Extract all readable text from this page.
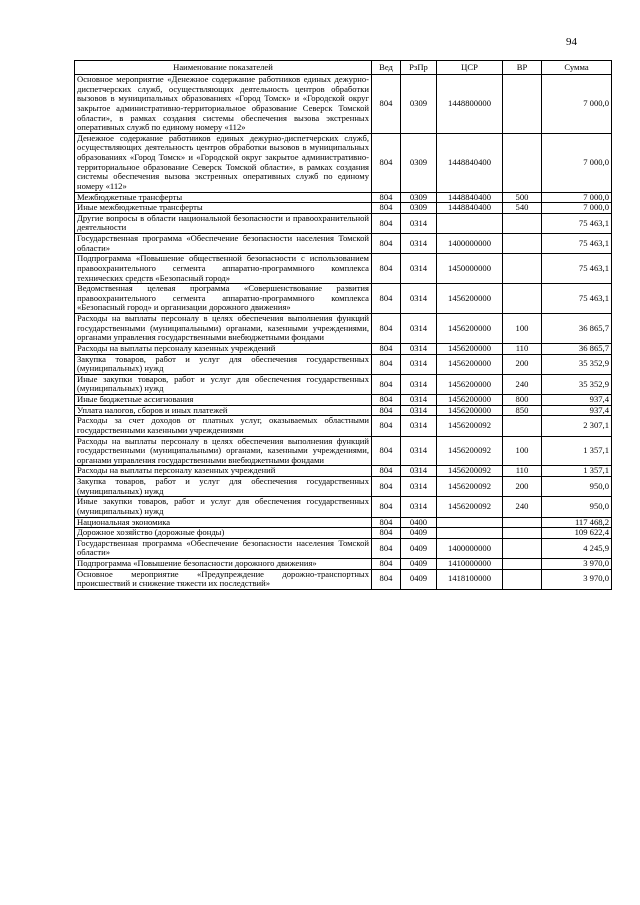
94
Наименование показателей	Вед	РзПр	ЦСР	ВР	Сумма
Основное мероприятие «Денежное содержание работников единых дежурно-диспетчерских служб, осуществляющих деятельность центров обработки вызовов в муниципальных образованиях «Город Томск» и «Городской округ закрытое административно-территориальное образование Северск Томской области», в рамках создания системы обеспечения вызова экстренных оперативных служб по единому номеру «112»	804	0309	1448800000		7 000,0
Денежное содержание работников единых дежурно-диспетчерских служб, осуществляющих деятельность центров обработки вызовов в муниципальных образованиях «Город Томск» и «Городской округ закрытое административно-территориальное образование Северск Томской области», в рамках создания системы обеспечения вызова экстренных оперативных служб по единому номеру «112»	804	0309	1448840400		7 000,0
Межбюджетные трансферты	804	0309	1448840400	500	7 000,0
Иные межбюджетные трансферты	804	0309	1448840400	540	7 000,0
Другие вопросы в области национальной безопасности и правоохранительной деятельности	804	0314			75 463,1
Государственная программа «Обеспечение безопасности населения Томской области»	804	0314	1400000000		75 463,1
Подпрограмма «Повышение общественной безопасности с использованием правоохранительного сегмента аппаратно-программного комплекса технических средств «Безопасный город»	804	0314	1450000000		75 463,1
Ведомственная целевая программа «Совершенствование развития правоохранительного сегмента аппаратно-программного комплекса «Безопасный город» и организации дорожного движения»	804	0314	1456200000		75 463,1
Расходы на выплаты персоналу в целях обеспечения выполнения функций государственными (муниципальными) органами, казенными учреждениями, органами управления государственными внебюджетными фондами	804	0314	1456200000	100	36 865,7
Расходы на выплаты персоналу казенных учреждений	804	0314	1456200000	110	36 865,7
Закупка товаров, работ и услуг для обеспечения государственных (муниципальных) нужд	804	0314	1456200000	200	35 352,9
Иные закупки товаров, работ и услуг для обеспечения государственных (муниципальных) нужд	804	0314	1456200000	240	35 352,9
Иные бюджетные ассигнования	804	0314	1456200000	800	937,4
Уплата налогов, сборов и иных платежей	804	0314	1456200000	850	937,4
Расходы за счет доходов от платных услуг, оказываемых областными государственными казенными учреждениями	804	0314	1456200092		2 307,1
Расходы на выплаты персоналу в целях обеспечения выполнения функций государственными (муниципальными) органами, казенными учреждениями, органами управления государственными внебюджетными фондами	804	0314	1456200092	100	1 357,1
Расходы на выплаты персоналу казенных учреждений	804	0314	1456200092	110	1 357,1
Закупка товаров, работ и услуг для обеспечения государственных (муниципальных) нужд	804	0314	1456200092	200	950,0
Иные закупки товаров, работ и услуг для обеспечения государственных (муниципальных) нужд	804	0314	1456200092	240	950,0
Национальная экономика	804	0400			117 468,2
Дорожное хозяйство (дорожные фонды)	804	0409			109 622,4
Государственная программа «Обеспечение безопасности населения Томской области»	804	0409	1400000000		4 245,9
Подпрограмма «Повышение безопасности дорожного движения»	804	0409	1410000000		3 970,0
Основное мероприятие «Предупреждение дорожно-транспортных происшествий и снижение тяжести их последствий»	804	0409	1418100000		3 970,0
